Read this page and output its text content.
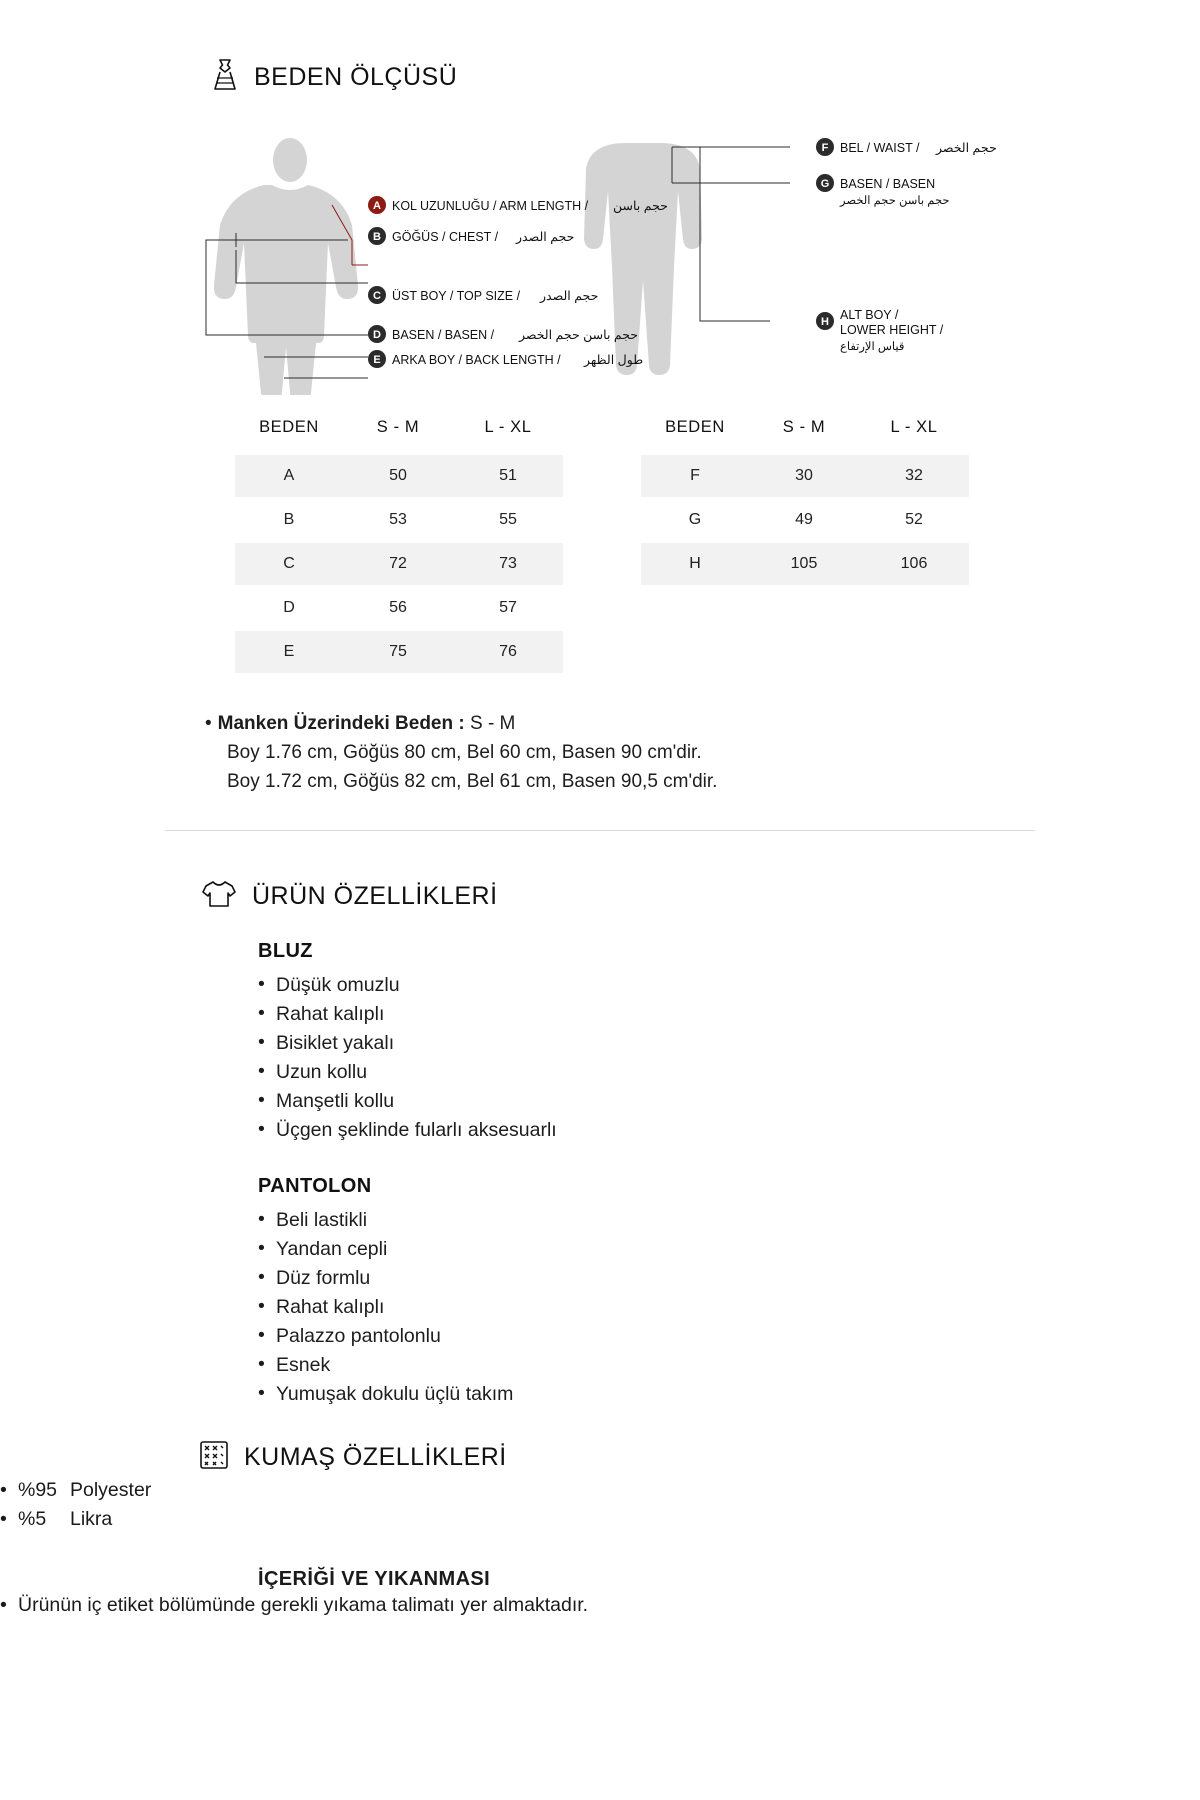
BEDEN ÖLÇÜSÜ
A KOL UZUNLUĞU / ARM LENGTH / حجم باسن
B GÖĞÜS / CHEST / حجم الصدر
C ÜST BOY / TOP SIZE / حجم الصدر
D BASEN / BASEN / حجم باسن حجم الخصر
E ARKA BOY / BACK LENGTH / طول الظهر
F BEL / WAIST / حجم الخصر
G BASEN / BASEN
حجم باسن حجم الخصر
H ALT BOY /
LOWER HEIGHT /
قياس الإرتفاع
BEDEN	S - M	L - XL
A	50	51
B	53	55
C	72	73
D	56	57
E	75	76
BEDEN	S - M	L - XL
F	30	32
G	49	52
H	105	106
• Manken Üzerindeki Beden : S - M
Boy 1.76 cm, Göğüs 80 cm, Bel 60 cm, Basen 90 cm'dir.
Boy 1.72 cm, Göğüs 82 cm, Bel 61 cm, Basen 90,5 cm'dir.
ÜRÜN ÖZELLİKLERİ
BLUZ
• Düşük omuzlu
• Rahat kalıplı
• Bisiklet yakalı
• Uzun kollu
• Manşetli kollu
• Üçgen şeklinde fularlı aksesuarlı
PANTOLON
• Beli lastikli
• Yandan cepli
• Düz formlu
• Rahat kalıplı
• Palazzo pantolonlu
• Esnek
• Yumuşak dokulu üçlü takım
KUMAŞ ÖZELLİKLERİ
• %95 Polyester
• %5 Likra
İÇERİĞİ VE YIKANMASI
• Ürünün iç etiket bölümünde gerekli yıkama talimatı yer almaktadır.
